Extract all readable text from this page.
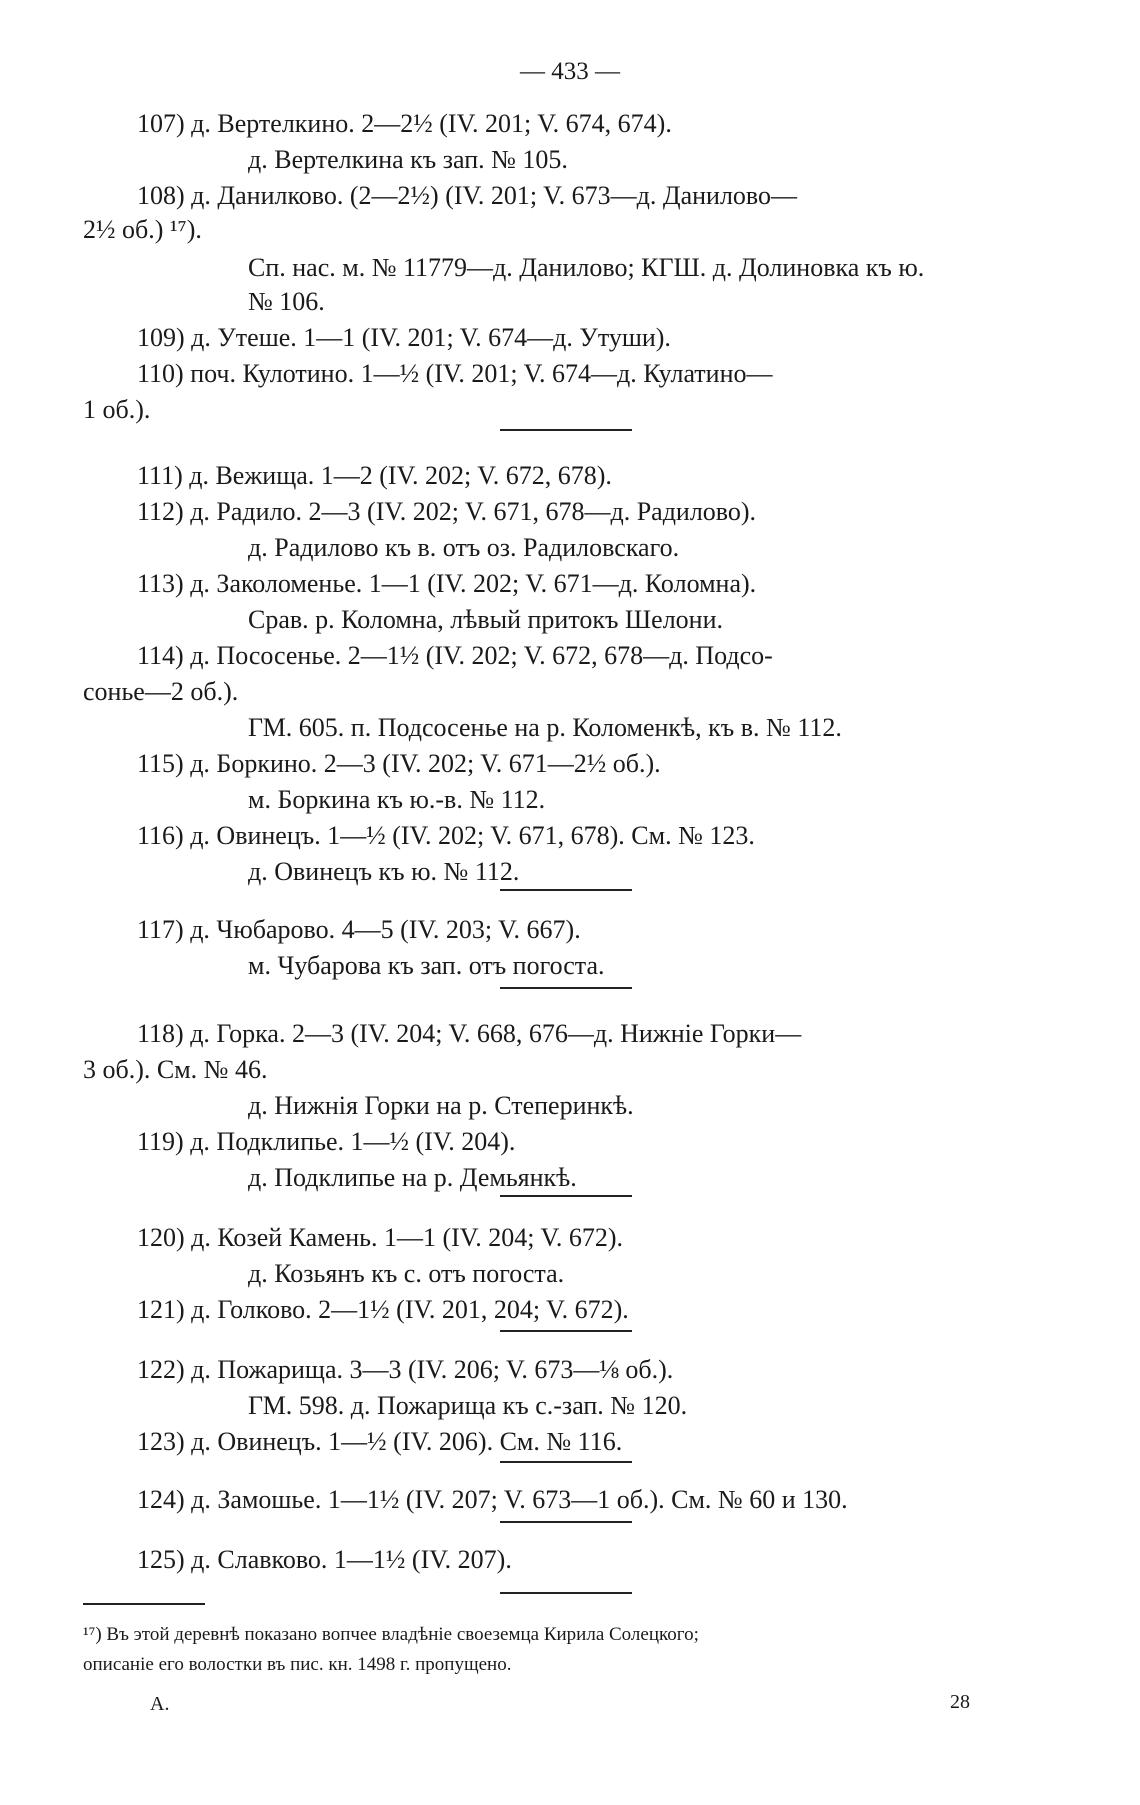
— 433 —
107) д. Вертелкино. 2—2½ (IV. 201; V. 674, 674).
д. Вертелкина къ зап. № 105.
108) д. Данилково. (2—2½) (IV. 201; V. 673—д. Данилово—
2½ об.) ¹⁷).
Сп. нас. м. № 11779—д. Данилово; КГШ. д. Долиновка къ ю.
№ 106.
109) д. Утеше. 1—1 (IV. 201; V. 674—д. Утуши).
110) поч. Кулотино. 1—½ (IV. 201; V. 674—д. Кулатино—
1 об.).
111) д. Вежища. 1—2 (IV. 202; V. 672, 678).
112) д. Радило. 2—3 (IV. 202; V. 671, 678—д. Радилово).
д. Радилово къ в. отъ оз. Радиловскаго.
113) д. Заколоменье. 1—1 (IV. 202; V. 671—д. Коломна).
Срав. р. Коломна, лѣвый притокъ Шелони.
114) д. Пососенье. 2—1½ (IV. 202; V. 672, 678—д. Подсо-
сонье—2 об.).
ГМ. 605. п. Подсосенье на р. Коломенкѣ, къ в. № 112.
115) д. Боркино. 2—3 (IV. 202; V. 671—2½ об.).
м. Боркина къ ю.-в. № 112.
116) д. Овинецъ. 1—½ (IV. 202; V. 671, 678). См. № 123.
д. Овинецъ къ ю. № 112.
117) д. Чюбарово. 4—5 (IV. 203; V. 667).
м. Чубарова къ зап. отъ погоста.
118) д. Горка. 2—3 (IV. 204; V. 668, 676—д. Нижніе Горки—
3 об.). См. № 46.
д. Нижнія Горки на р. Степеринкѣ.
119) д. Подклипье. 1—½ (IV. 204).
д. Подклипье на р. Демьянкѣ.
120) д. Козей Камень. 1—1 (IV. 204; V. 672).
д. Козьянъ къ с. отъ погоста.
121) д. Голково. 2—1½ (IV. 201, 204; V. 672).
122) д. Пожарища. 3—3 (IV. 206; V. 673—⅛ об.).
ГМ. 598. д. Пожарища къ с.-зап. № 120.
123) д. Овинецъ. 1—½ (IV. 206). См. № 116.
124) д. Замошье. 1—1½ (IV. 207; V. 673—1 об.). См. № 60 и 130.
125) д. Славково. 1—1½ (IV. 207).
¹⁷) Въ этой деревнѣ показано вопчее владѣніе своеземца Кирила Солецкого;
описаніе его волостки въ пис. кн. 1498 г. пропущено.
А.	28
